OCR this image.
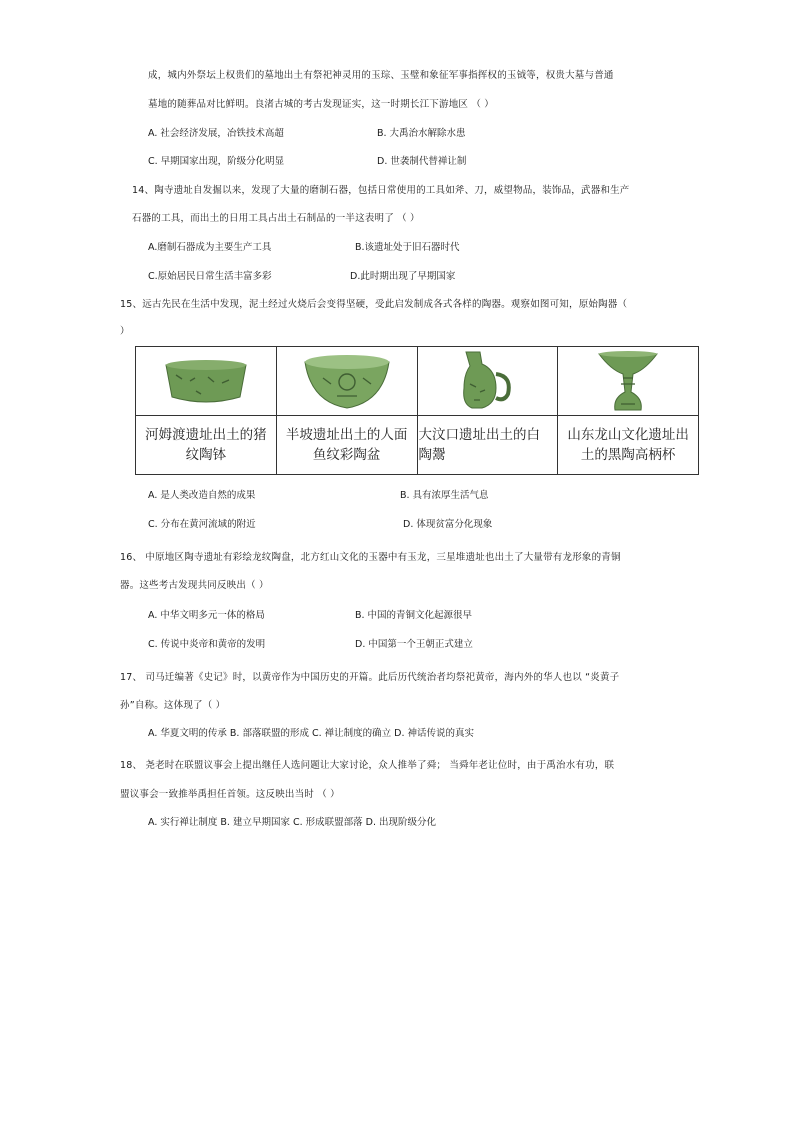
成，城内外祭坛上权贵们的墓地出土有祭祀神灵用的玉琮、玉璧和象征军事指挥权的玉钺等，权贵大墓与普通
墓地的随葬品对比鲜明。良渚古城的考古发现证实，这一时期长江下游地区 （ ）
A. 社会经济发展，冶铁技术高超	B. 大禹治水解除水患
C. 早期国家出现，阶级分化明显	D. 世袭制代替禅让制
14、陶寺遗址自发掘以来，发现了大量的磨制石器，包括日常使用的工具如斧、刀，威望物品，装饰品，武器和生产
石器的工具，而出土的日用工具占出土石制品的一半这表明了 （ ）
A.磨制石器成为主要生产工具	B.该遗址处于旧石器时代
C.原始居民日常生活丰富多彩	D.此时期出现了早期国家
15、远古先民在生活中发现，泥土经过火烧后会变得坚硬，受此启发制成各式各样的陶器。观察如图可知，原始陶器（
）

河姆渡遗址出土的猪
纹陶钵	半坡遗址出土的人面
鱼纹彩陶盆	大汶口遗址出土的白
陶鬶	山东龙山文化遗址出
土的黑陶高柄杯
A. 是人类改造自然的成果	B. 具有浓厚生活气息
C. 分布在黄河流域的附近	D. 体现贫富分化现象
16、 中原地区陶寺遗址有彩绘龙纹陶盘，北方红山文化的玉器中有玉龙，三星堆遗址也出土了大量带有龙形象的青铜
器。这些考古发现共同反映出（ ）
A. 中华文明多元一体的格局	B. 中国的青铜文化起源很早
C. 传说中炎帝和黄帝的发明	D. 中国第一个王朝正式建立
17、 司马迁编著《史记》时，以黄帝作为中国历史的开篇。此后历代统治者均祭祀黄帝，海内外的华人也以 “炎黄子
孙”自称。这体现了（ ）
A. 华夏文明的传承 B. 部落联盟的形成 C. 禅让制度的确立 D. 神话传说的真实
18、 尧老时在联盟议事会上提出继任人选问题让大家讨论，众人推举了舜； 当舜年老让位时，由于禹治水有功，联
盟议事会一致推举禹担任首领。这反映出当时 （ ）
A. 实行禅让制度 B. 建立早期国家 C. 形成联盟部落 D. 出现阶级分化
